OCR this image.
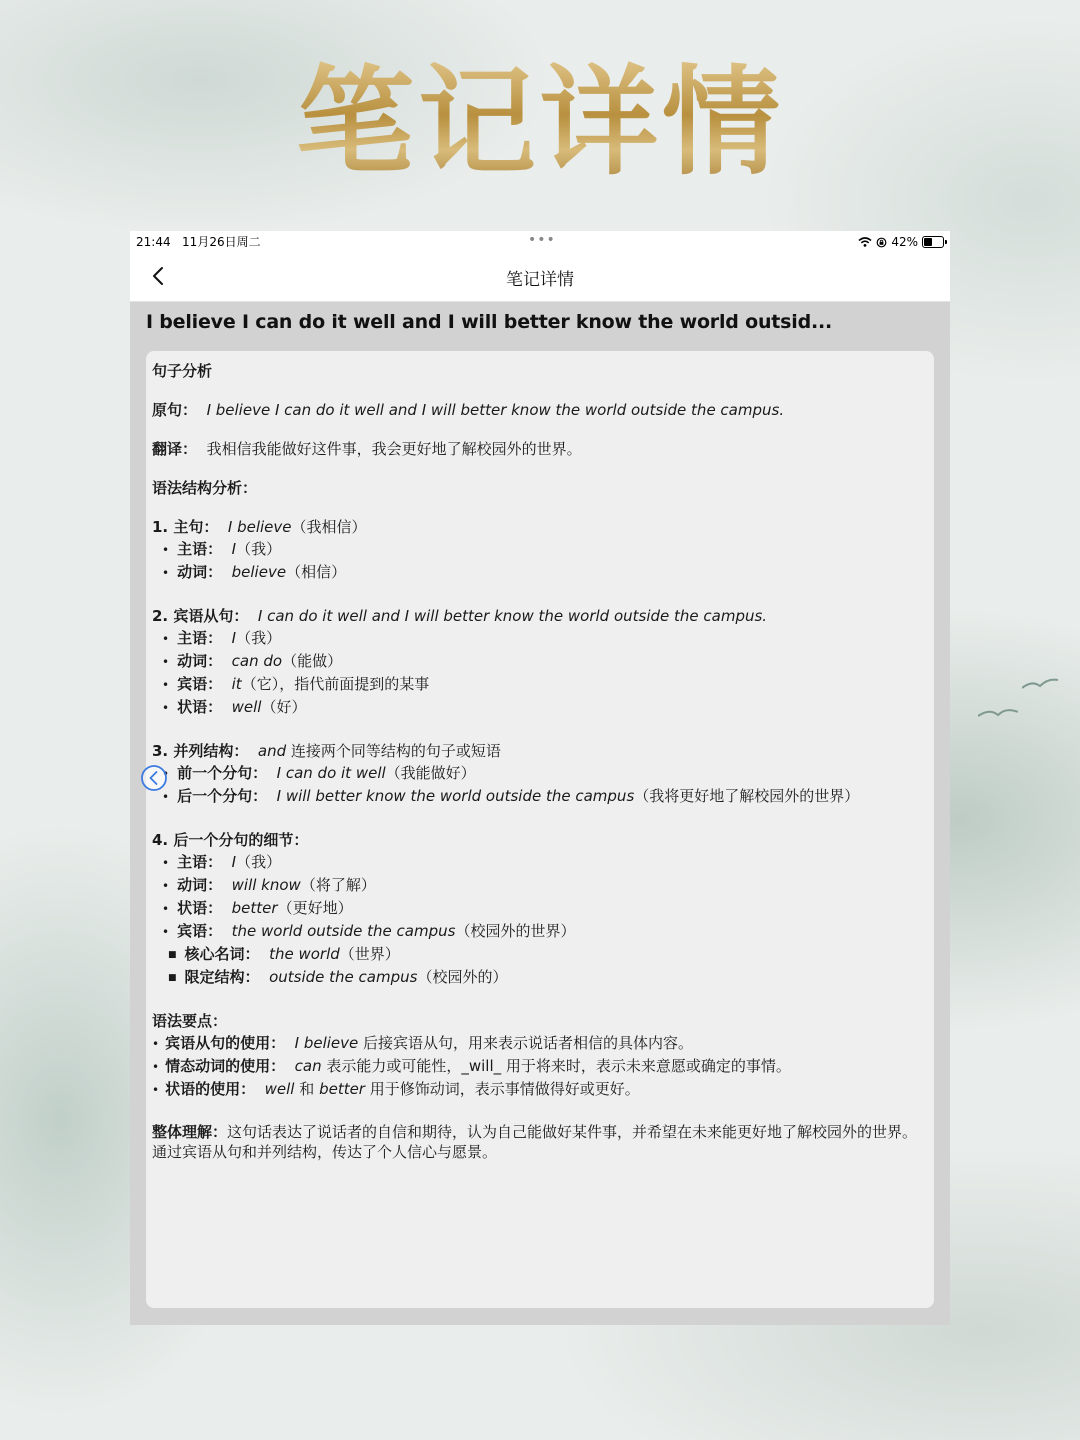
笔记详情
21:44 11月26日周二	•••	42%
笔记详情
I believe I can do it well and I will better know the world outsid...
句子分析
原句： I believe I can do it well and I will better know the world outside the campus.
翻译： 我相信我能做好这件事，我会更好地了解校园外的世界。
语法结构分析：
1. 主句： I believe（我相信）
• 主语： I（我）
• 动词： believe（相信）
2. 宾语从句： I can do it well and I will better know the world outside the campus.
• 主语： I（我）
• 动词： can do（能做）
• 宾语： it（它），指代前面提到的某事
• 状语： well（好）
3. 并列结构： and 连接两个同等结构的句子或短语
• 前一个分句： I can do it well（我能做好）
• 后一个分句： I will better know the world outside the campus（我将更好地了解校园外的世界）
4. 后一个分句的细节：
• 主语： I（我）
• 动词： will know（将了解）
• 状语： better（更好地）
• 宾语： the world outside the campus（校园外的世界）
■ 核心名词： the world（世界）
■ 限定结构： outside the campus（校园外的）
语法要点：
• 宾语从句的使用： I believe 后接宾语从句，用来表示说话者相信的具体内容。
• 情态动词的使用： can 表示能力或可能性，_will_ 用于将来时，表示未来意愿或确定的事情。
• 状语的使用： well 和 better 用于修饰动词，表示事情做得好或更好。
整体理解：这句话表达了说话者的自信和期待，认为自己能做好某件事，并希望在未来能更好地了解校园外的世界。通过宾语从句和并列结构，传达了个人信心与愿景。
